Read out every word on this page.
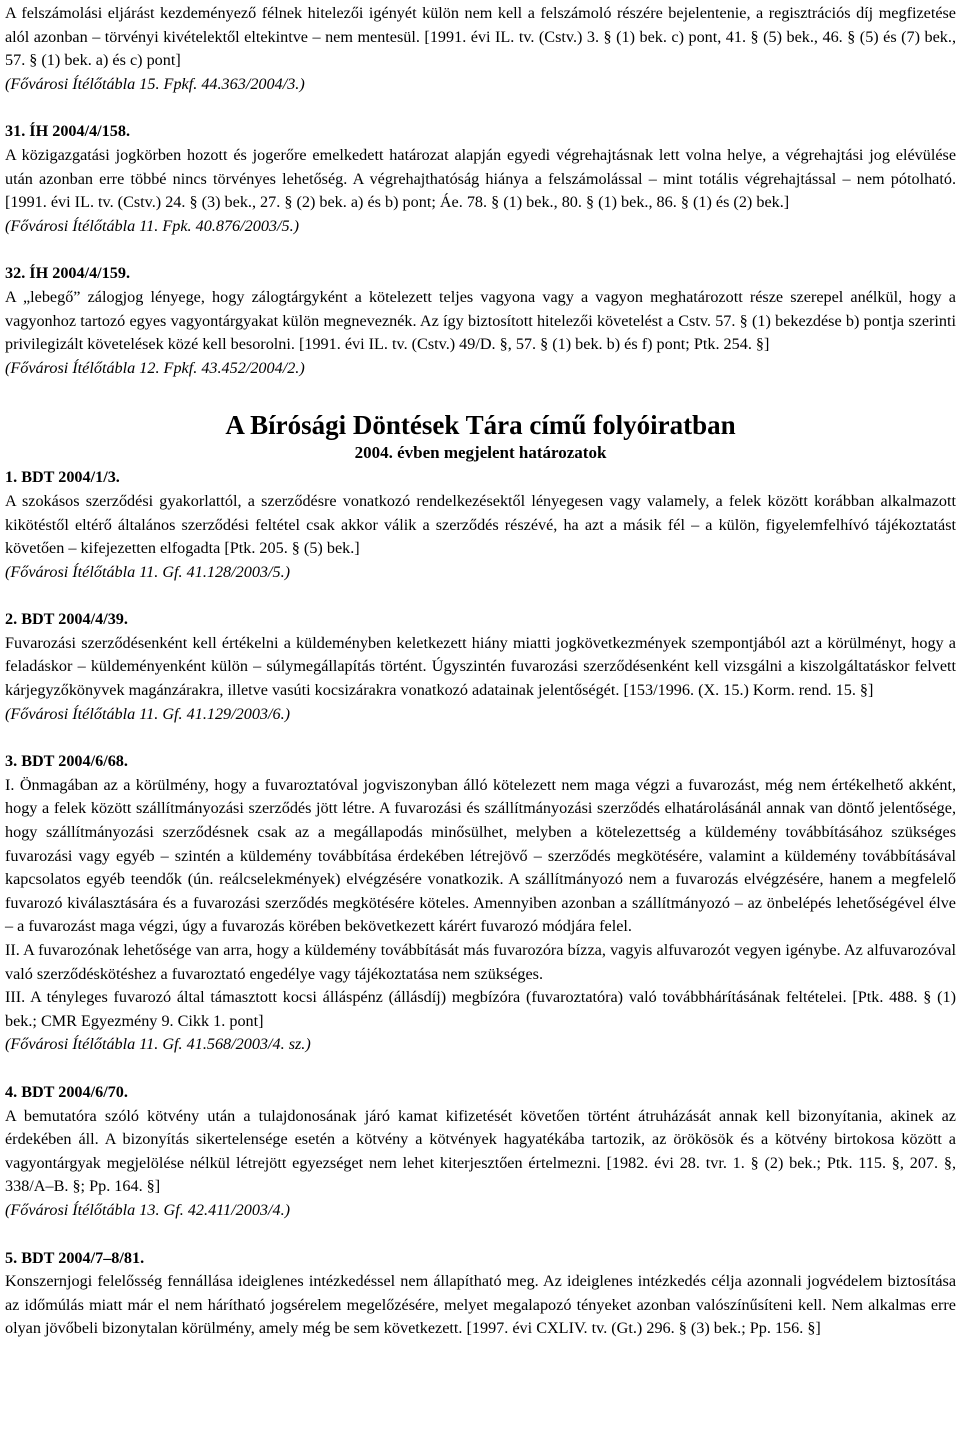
A felszámolási eljárást kezdeményező félnek hitelezői igényét külön nem kell a felszámoló részére bejelentenie, a regisztrációs díj megfizetése alól azonban – törvényi kivételektől eltekintve – nem mentesül. [1991. évi IL. tv. (Cstv.) 3. § (1) bek. c) pont, 41. § (5) bek., 46. § (5) és (7) bek., 57. § (1) bek. a) és c) pont]

(Fővárosi Ítélőtábla 15. Fpkf. 44.363/2004/3.)

31. ÍH 2004/4/158.

A közigazgatási jogkörben hozott és jogerőre emelkedett határozat alapján egyedi végrehajtásnak lett volna helye, a végrehajtási jog elévülése után azonban erre többé nincs törvényes lehetőség. A végrehajthatóság hiánya a felszámolással – mint totális végrehajtással – nem pótolható. [1991. évi IL. tv. (Cstv.) 24. § (3) bek., 27. § (2) bek. a) és b) pont; Áe. 78. § (1) bek., 80. § (1) bek., 86. § (1) és (2) bek.]

(Fővárosi Ítélőtábla 11. Fpk. 40.876/2003/5.)

32. ÍH 2004/4/159.

A „lebegő” zálogjog lényege, hogy zálogtárgyként a kötelezett teljes vagyona vagy a vagyon meghatározott része szerepel anélkül, hogy a vagyonhoz tartozó egyes vagyontárgyakat külön megneveznék. Az így biztosított hitelezői követelést a Cstv. 57. § (1) bekezdése b) pontja szerinti privilegizált követelések közé kell besorolni. [1991. évi IL. tv. (Cstv.) 49/D. §, 57. § (1) bek. b) és f) pont; Ptk. 254. §]

(Fővárosi Ítélőtábla 12. Fpkf. 43.452/2004/2.)

A Bírósági Döntések Tára című folyóiratban
2004. évben megjelent határozatok

1. BDT 2004/1/3.

A szokásos szerződési gyakorlattól, a szerződésre vonatkozó rendelkezésektől lényegesen vagy valamely, a felek között korábban alkalmazott kikötéstől eltérő általános szerződési feltétel csak akkor válik a szerződés részévé, ha azt a másik fél – a külön, figyelemfelhívó tájékoztatást követően – kifejezetten elfogadta [Ptk. 205. § (5) bek.]

(Fővárosi Ítélőtábla 11. Gf. 41.128/2003/5.)

2. BDT 2004/4/39.

Fuvarozási szerződésenként kell értékelni a küldeményben keletkezett hiány miatti jogkövetkezmények szempontjából azt a körülményt, hogy a feladáskor – küldeményenként külön – súlymegállapítás történt. Úgyszintén fuvarozási szerződésenként kell vizsgálni a kiszolgáltatáskor felvett kárjegyzőkönyvek magánzárakra, illetve vasúti kocsizárakra vonatkozó adatainak jelentőségét. [153/1996. (X. 15.) Korm. rend. 15. §]

(Fővárosi Ítélőtábla 11. Gf. 41.129/2003/6.)

3. BDT 2004/6/68.

I. Önmagában az a körülmény, hogy a fuvaroztatóval jogviszonyban álló kötelezett nem maga végzi a fuvarozást, még nem értékelhető akként, hogy a felek között szállítmányozási szerződés jött létre. A fuvarozási és szállítmányozási szerződés elhatárolásánál annak van döntő jelentősége, hogy szállítmányozási szerződésnek csak az a megállapodás minősülhet, melyben a kötelezettség a küldemény továbbításához szükséges fuvarozási vagy egyéb – szintén a küldemény továbbítása érdekében létrejövő – szerződés megkötésére, valamint a küldemény továbbításával kapcsolatos egyéb teendők (ún. reálcselekmények) elvégzésére vonatkozik. A szállítmányozó nem a fuvarozás elvégzésére, hanem a megfelelő fuvarozó kiválasztására és a fuvarozási szerződés megkötésére köteles. Amennyiben azonban a szállítmányozó – az önbelépés lehetőségével élve – a fuvarozást maga végzi, úgy a fuvarozás körében bekövetkezett kárért fuvarozó módjára felel.

II. A fuvarozónak lehetősége van arra, hogy a küldemény továbbítását más fuvarozóra bízza, vagyis alfuvarozót vegyen igénybe. Az alfuvarozóval való szerződéskötéshez a fuvaroztató engedélye vagy tájékoztatása nem szükséges.

III. A tényleges fuvarozó által támasztott kocsi álláspénz (állásdíj) megbízóra (fuvaroztatóra) való továbbhárításának feltételei. [Ptk. 488. § (1) bek.; CMR Egyezmény 9. Cikk 1. pont]

(Fővárosi Ítélőtábla 11. Gf. 41.568/2003/4. sz.)

4. BDT 2004/6/70.

A bemutatóra szóló kötvény után a tulajdonosának járó kamat kifizetését követően történt átruházását annak kell bizonyítania, akinek az érdekében áll. A bizonyítás sikertelensége esetén a kötvény a kötvények hagyatékába tartozik, az örökösök és a kötvény birtokosa között a vagyontárgyak megjelölése nélkül létrejött egyezséget nem lehet kiterjesztően értelmezni. [1982. évi 28. tvr. 1. § (2) bek.; Ptk. 115. §, 207. §, 338/A–B. §; Pp. 164. §]

(Fővárosi Ítélőtábla 13. Gf. 42.411/2003/4.)

5. BDT 2004/7–8/81.

Konszernjogi felelősség fennállása ideiglenes intézkedéssel nem állapítható meg. Az ideiglenes intézkedés célja azonnali jogvédelem biztosítása az időmúlás miatt már el nem hárítható jogsérelem megelőzésére, melyet megalapozó tényeket azonban valószínűsíteni kell. Nem alkalmas erre olyan jövőbeli bizonytalan körülmény, amely még be sem következett. [1997. évi CXLIV. tv. (Gt.) 296. § (3) bek.; Pp. 156. §]
